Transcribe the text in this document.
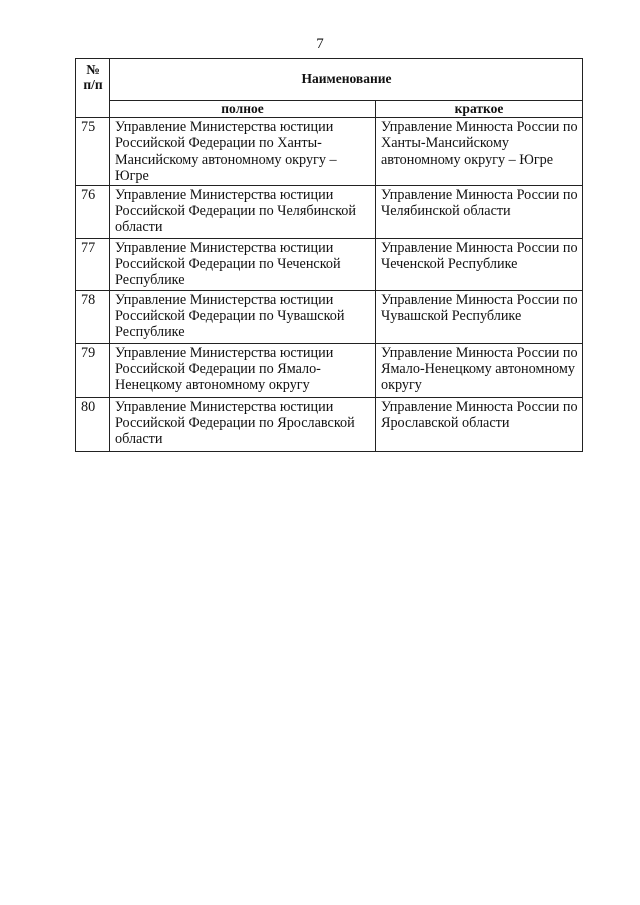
7
№ п/п	Наименование	
	полное	краткое
75	Управление Министерства юстиции Российской Федерации по Ханты-Мансийскому автономному округу – Югре	Управление Минюста России по Ханты-Мансийскому автономному округу – Югре
76	Управление Министерства юстиции Российской Федерации по Челябинской области	Управление Минюста России по Челябинской области
77	Управление Министерства юстиции Российской Федерации по Чеченской Республике	Управление Минюста России по Чеченской Республике
78	Управление Министерства юстиции Российской Федерации по Чувашской Республике	Управление Минюста России по Чувашской Республике
79	Управление Министерства юстиции Российской Федерации по Ямало-Ненецкому автономному округу	Управление Минюста России по Ямало-Ненецкому автономному округу
80	Управление Министерства юстиции Российской Федерации по Ярославской области	Управление Минюста России по Ярославской области
